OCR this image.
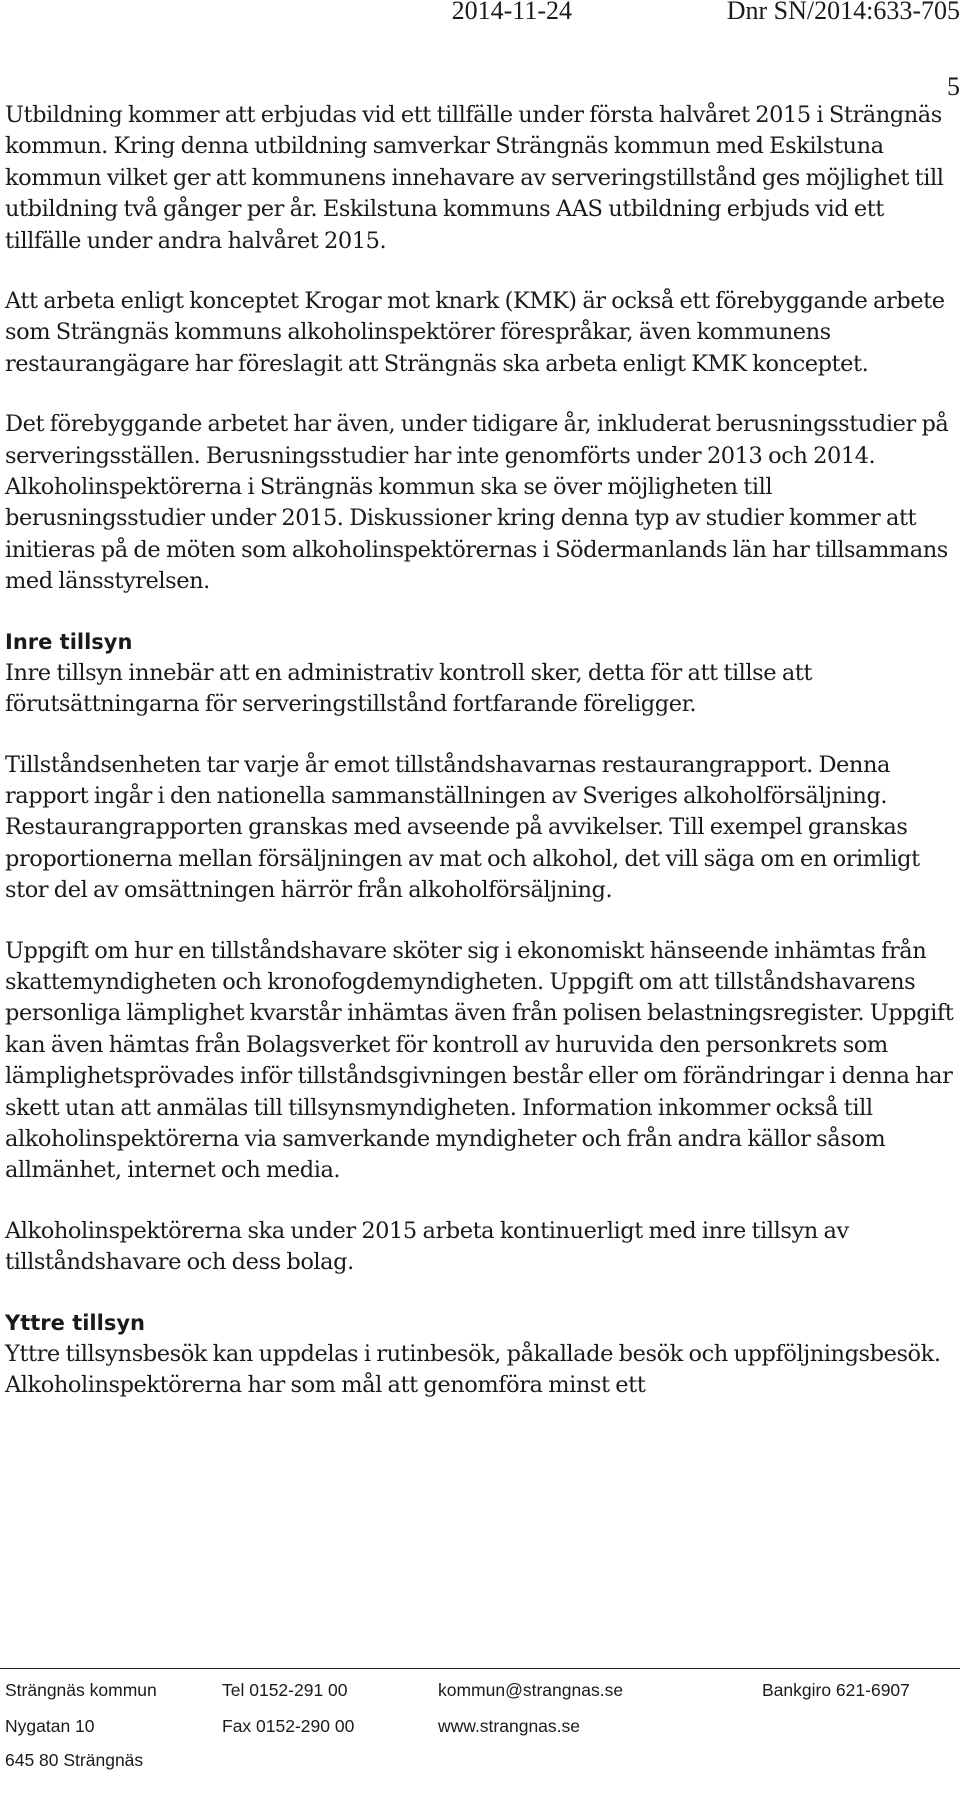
2014-11-24	Dnr SN/2014:633-705
5

Utbildning kommer att erbjudas vid ett tillfälle under första halvåret 2015 i Strängnäs kommun. Kring denna utbildning samverkar Strängnäs kommun med Eskilstuna kommun vilket ger att kommunens innehavare av serveringstillstånd ges möjlighet till utbildning två gånger per år. Eskilstuna kommuns AAS utbildning erbjuds vid ett tillfälle under andra halvåret 2015.

Att arbeta enligt konceptet Krogar mot knark (KMK) är också ett förebyggande arbete som Strängnäs kommuns alkoholinspektörer förespråkar, även kommunens restaurangägare har föreslagit att Strängnäs ska arbeta enligt KMK konceptet.

Det förebyggande arbetet har även, under tidigare år, inkluderat berusningsstudier på serveringsställen. Berusningsstudier har inte genomförts under 2013 och 2014. Alkoholinspektörerna i Strängnäs kommun ska se över möjligheten till berusningsstudier under 2015. Diskussioner kring denna typ av studier kommer att initieras på de möten som alkoholinspektörernas i Södermanlands län har tillsammans med länsstyrelsen.

Inre tillsyn

Inre tillsyn innebär att en administrativ kontroll sker, detta för att tillse att förutsättningarna för serveringstillstånd fortfarande föreligger.

Tillståndsenheten tar varje år emot tillståndshavarnas restaurangrapport. Denna rapport ingår i den nationella sammanställningen av Sveriges alkoholförsäljning. Restaurangrapporten granskas med avseende på avvikelser. Till exempel granskas proportionerna mellan försäljningen av mat och alkohol, det vill säga om en orimligt stor del av omsättningen härrör från alkoholförsäljning.

Uppgift om hur en tillståndshavare sköter sig i ekonomiskt hänseende inhämtas från skattemyndigheten och kronofogdemyndigheten. Uppgift om att tillståndshavarens personliga lämplighet kvarstår inhämtas även från polisen belastningsregister. Uppgift kan även hämtas från Bolagsverket för kontroll av huruvida den personkrets som lämplighetsprövades inför tillståndsgivningen består eller om förändringar i denna har skett utan att anmälas till tillsynsmyndigheten. Information inkommer också till alkoholinspektörerna via samverkande myndigheter och från andra källor såsom allmänhet, internet och media.

Alkoholinspektörerna ska under 2015 arbeta kontinuerligt med inre tillsyn av tillståndshavare och dess bolag.

Yttre tillsyn

Yttre tillsynsbesök kan uppdelas i rutinbesök, påkallade besök och uppföljningsbesök. Alkoholinspektörerna har som mål att genomföra minst ett

Strängnäs kommun
Nygatan 10
645 80 Strängnäs
Tel 0152-291 00
Fax 0152-290 00
kommun@strangnas.se
www.strangnas.se
Bankgiro 621-6907
